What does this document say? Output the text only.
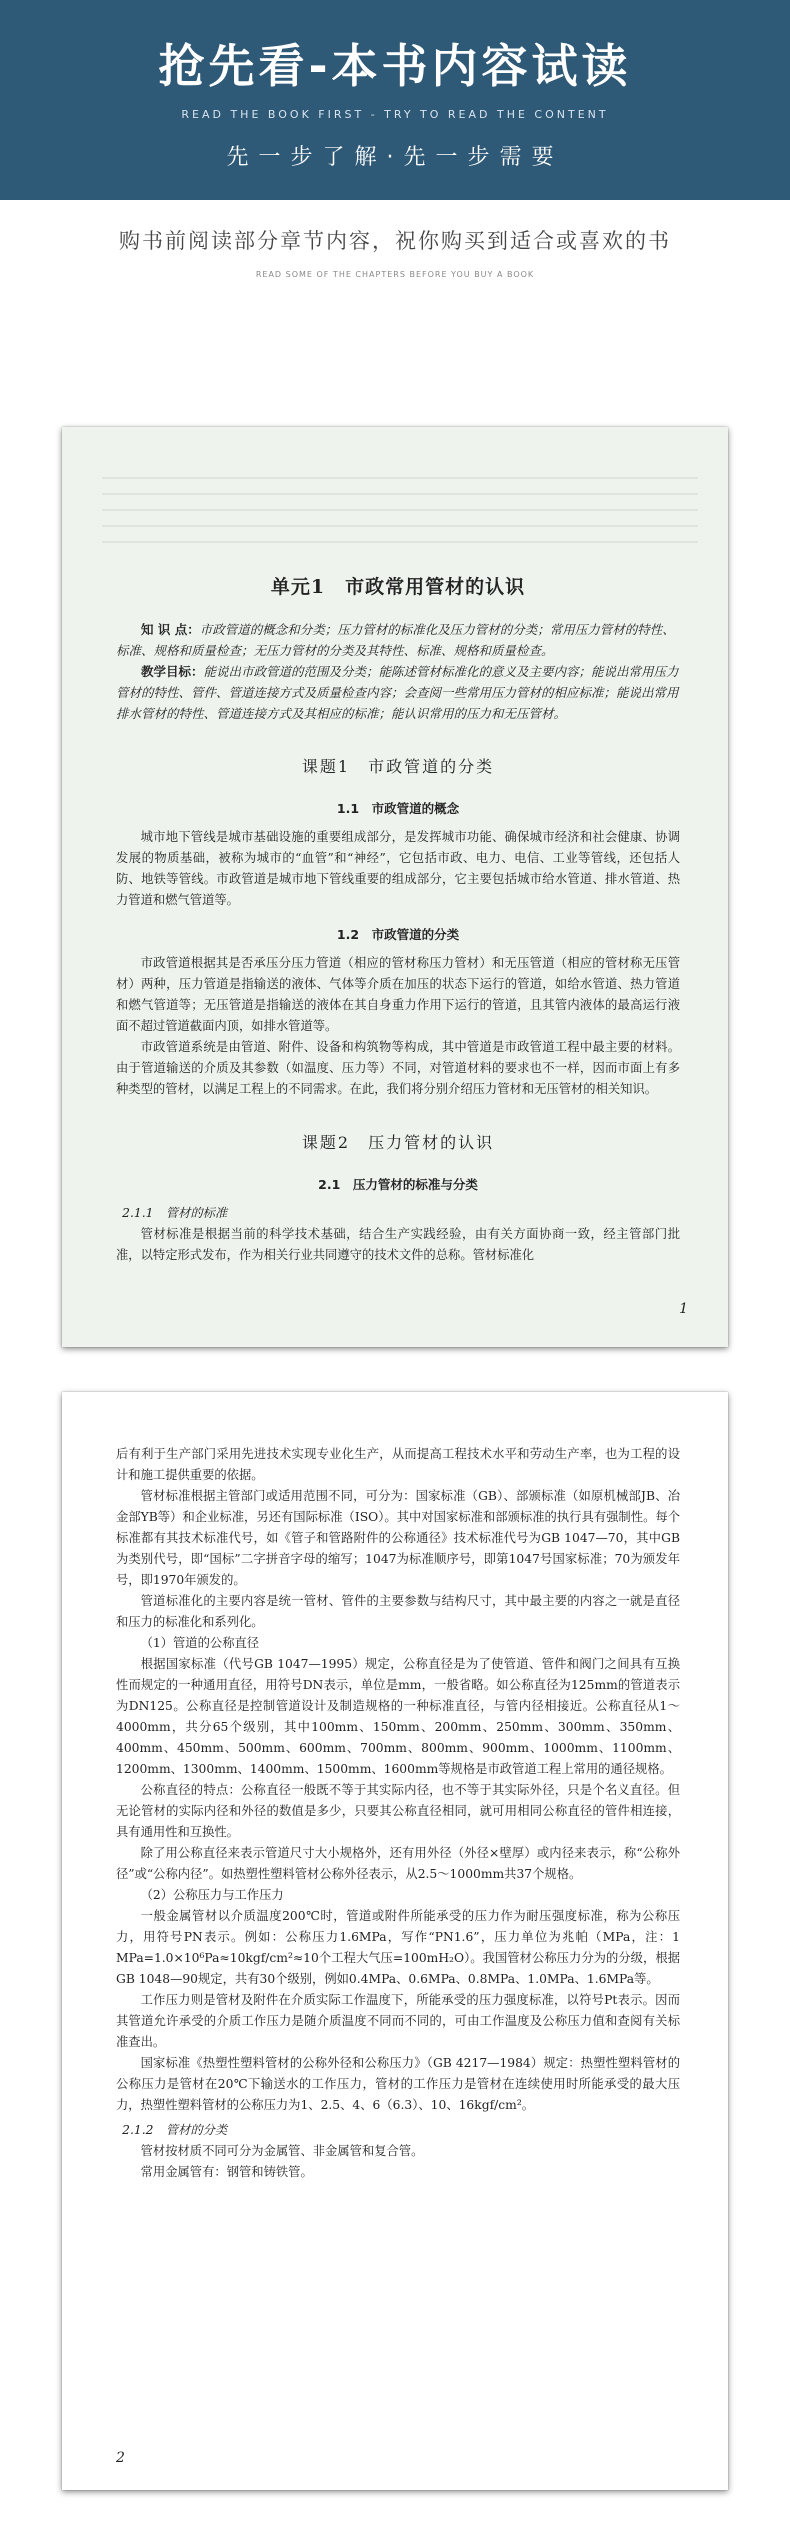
抢先看-本书内容试读
READ THE BOOK FIRST - TRY TO READ THE CONTENT
先一步了解·先一步需要
购书前阅读部分章节内容，祝你购买到适合或喜欢的书
READ SOME OF THE CHAPTERS BEFORE YOU BUY A BOOK
单元1　市政常用管材的认识

知 识 点：市政管道的概念和分类；压力管材的标准化及压力管材的分类；常用压力管材的特性、标准、规格和质量检查；无压力管材的分类及其特性、标准、规格和质量检查。

教学目标：能说出市政管道的范围及分类；能陈述管材标准化的意义及主要内容；能说出常用压力管材的特性、管件、管道连接方式及质量检查内容；会查阅一些常用压力管材的相应标准；能说出常用排水管材的特性、管道连接方式及其相应的标准；能认识常用的压力和无压管材。

课题1　市政管道的分类
1.1　市政管道的概念

城市地下管线是城市基础设施的重要组成部分，是发挥城市功能、确保城市经济和社会健康、协调发展的物质基础，被称为城市的“血管”和“神经”，它包括市政、电力、电信、工业等管线，还包括人防、地铁等管线。市政管道是城市地下管线重要的组成部分，它主要包括城市给水管道、排水管道、热力管道和燃气管道等。

1.2　市政管道的分类

市政管道根据其是否承压分压力管道（相应的管材称压力管材）和无压管道（相应的管材称无压管材）两种，压力管道是指输送的液体、气体等介质在加压的状态下运行的管道，如给水管道、热力管道和燃气管道等；无压管道是指输送的液体在其自身重力作用下运行的管道，且其管内液体的最高运行液面不超过管道截面内顶，如排水管道等。

市政管道系统是由管道、附件、设备和构筑物等构成，其中管道是市政管道工程中最主要的材料。由于管道输送的介质及其参数（如温度、压力等）不同，对管道材料的要求也不一样，因而市面上有多种类型的管材，以满足工程上的不同需求。在此，我们将分别介绍压力管材和无压管材的相关知识。

课题2　压力管材的认识
2.1　压力管材的标准与分类
2.1.1　管材的标准

管材标准是根据当前的科学技术基础，结合生产实践经验，由有关方面协商一致，经主管部门批准，以特定形式发布，作为相关行业共同遵守的技术文件的总称。管材标准化

1

后有利于生产部门采用先进技术实现专业化生产，从而提高工程技术水平和劳动生产率，也为工程的设计和施工提供重要的依据。

管材标准根据主管部门或适用范围不同，可分为：国家标准（GB）、部颁标准（如原机械部JB、冶金部YB等）和企业标准，另还有国际标准（ISO）。其中对国家标准和部颁标准的执行具有强制性。每个标准都有其技术标准代号，如《管子和管路附件的公称通径》技术标准代号为GB 1047—70，其中GB为类别代号，即“国标”二字拼音字母的缩写；1047为标准顺序号，即第1047号国家标准；70为颁发年号，即1970年颁发的。

管道标准化的主要内容是统一管材、管件的主要参数与结构尺寸，其中最主要的内容之一就是直径和压力的标准化和系列化。

（1）管道的公称直径

根据国家标准（代号GB 1047—1995）规定，公称直径是为了使管道、管件和阀门之间具有互换性而规定的一种通用直径，用符号DN表示，单位是mm，一般省略。如公称直径为125mm的管道表示为DN125。公称直径是控制管道设计及制造规格的一种标准直径，与管内径相接近。公称直径从1～4000mm，共分65个级别，其中100mm、150mm、200mm、250mm、300mm、350mm、400mm、450mm、500mm、600mm、700mm、800mm、900mm、1000mm、1100mm、1200mm、1300mm、1400mm、1500mm、1600mm等规格是市政管道工程上常用的通径规格。

公称直径的特点：公称直径一般既不等于其实际内径，也不等于其实际外径，只是个名义直径。但无论管材的实际内径和外径的数值是多少，只要其公称直径相同，就可用相同公称直径的管件相连接，具有通用性和互换性。

除了用公称直径来表示管道尺寸大小规格外，还有用外径（外径×壁厚）或内径来表示，称“公称外径”或“公称内径”。如热塑性塑料管材公称外径表示，从2.5～1000mm共37个规格。

（2）公称压力与工作压力

一般金属管材以介质温度200℃时，管道或附件所能承受的压力作为耐压强度标准，称为公称压力，用符号PN表示。例如：公称压力1.6MPa，写作“PN1.6”，压力单位为兆帕（MPa，注：1 MPa=1.0×10⁶Pa≈10kgf/cm²≈10个工程大气压=100mH₂O）。我国管材公称压力分为的分级，根据GB 1048—90规定，共有30个级别，例如0.4MPa、0.6MPa、0.8MPa、1.0MPa、1.6MPa等。

工作压力则是管材及附件在介质实际工作温度下，所能承受的压力强度标准，以符号Pt表示。因而其管道允许承受的介质工作压力是随介质温度不同而不同的，可由工作温度及公称压力值和查阅有关标准查出。

国家标准《热塑性塑料管材的公称外径和公称压力》（GB 4217—1984）规定：热塑性塑料管材的公称压力是管材在20℃下输送水的工作压力，管材的工作压力是管材在连续使用时所能承受的最大压力，热塑性塑料管材的公称压力为1、2.5、4、6（6.3）、10、16kgf/cm²。

2.1.2　管材的分类

管材按材质不同可分为金属管、非金属管和复合管。

常用金属管有：钢管和铸铁管。

2
